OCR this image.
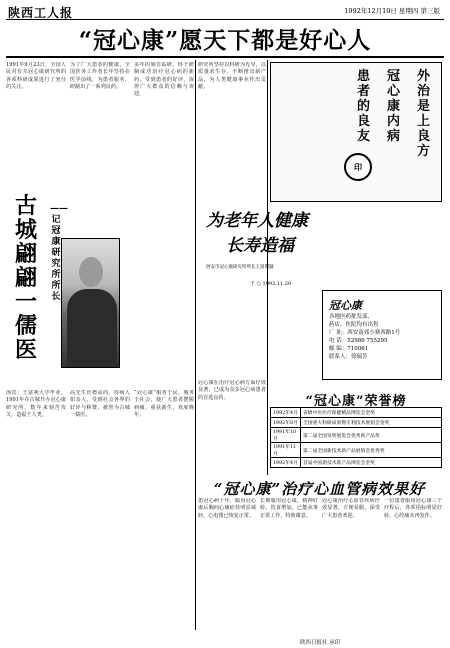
陕西工人报	1992年12月10日 星期四 第三版
“冠心康”愿天下都是好心人
1991年9月23日，全国人民对有关冠心康研究所的各项科研成果进行了充分的关注。
为了广大患者的健康，全国医务工作者长年坚持在医学前线，为患者服务，研制出了一系列良药。
多年的刻苦钻研，终于研制成功治疗冠心病的新药，受到患者的好评，深得广大群众的信赖与欢迎。
研究所坚持以科研为先导，以质量求生存，不断推出新产品，为人类健康事业作出贡献。
古城翩翩一儒医
——记冠康研究所所长
汤宾：王富利大学毕业，1991年在古城开办冠心康研究所，数年来刻苦攻关，造福于人类。
高先生医德高尚，待病人如亲人，受到社会各界的好评与称赞，被誉为古城一儒医。
“冠心康”服务于民，服务于社会，使广大患者摆脱病痛，重获新生，欢度晚年。
冠心康在治疗冠心病方面疗效显著，已成为众多冠心病患者的首选良药。
外治是上良方
冠心康内病
患者的良友
印
为老年人健康
长寿造福
西安市冠心康研究所所长王富利题
王 ○ 1992.11.20
冠心康
各地医药批发部、
药店、医院均有出售
厂 址：西安南郊小寨西路1号
电 话：52986 755295
邮 编：710061
联系人：徐瑞芳
“冠心康”荣誉榜
1992年4月	省级中医医疗保健精品博览会金奖
1992年8月	全国重大科研成果暨专利技术展销会金奖
1991年10月	第二届全国发明展览会优秀新产品奖
1991年11月	第二届全国新技术新产品展销会优秀奖
1992年4月	首届中国新技术新产品博览会金奖
“冠心康”治疗心血管病效果好
患冠心病十年，服用冠心康后胸闷心痛症状明显减轻，心电图已恢复正常。
长期服用冠心康，精神好转，饮食增加，已能从事正常工作，特致谢意。
冠心康治疗心血管疾病疗效显著，方便易服，深受广大患者欢迎。
一位患者服用冠心康三个疗程后，各项指标明显好转，心绞痛未再发作。
陕西日报社 承印
